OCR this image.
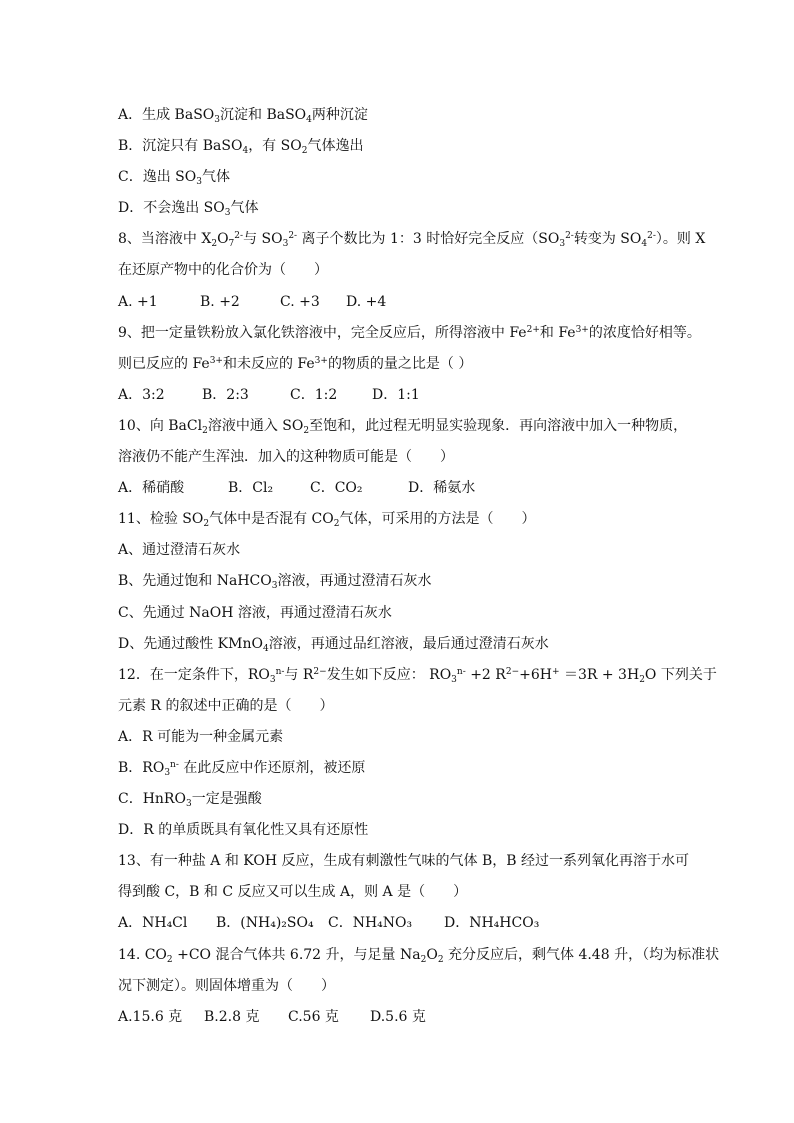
A．生成 BaSO$_3$沉淀和 BaSO$_4$两种沉淀
B．沉淀只有 BaSO$_4$，有 $SO_2$气体逸出
C．逸出 $SO_3$气体
D．不会逸出 $SO_3$气体
8、当溶液中 $X_2O_7^{2-}$与 $SO_3^{2-}$ 离子个数比为 1：3 时恰好完全反应（$SO_3^{2-}$转变为 $SO_4^{2-}$）。则 X
在还原产物中的化合价为（　　）
A. +1	B. +2	C. +3	D. +4
9、把一定量铁粉放入氯化铁溶液中，完全反应后，所得溶液中 $Fe^{2+}$和 $Fe^{3+}$的浓度恰好相等。
则已反应的 $Fe^{3+}$和未反应的 $Fe^{3+}$的物质的量之比是（ ）
A．3:2	B．2:3	C．1:2	D．1:1
10、向 BaCl$_2$溶液中通入 $SO_2$至饱和，此过程无明显实验现象．再向溶液中加入一种物质，
溶液仍不能产生浑浊．加入的这种物质可能是（　　）
A．稀硝酸	B．Cl₂	C．CO₂	D．稀氨水
11、检验 $SO_2$气体中是否混有 $CO_2$气体，可采用的方法是（　　）
A、通过澄清石灰水
B、先通过饱和 NaHCO$_3$溶液，再通过澄清石灰水
C、先通过 NaOH 溶液，再通过澄清石灰水
D、先通过酸性 KMnO$_4$溶液，再通过品红溶液，最后通过澄清石灰水
12．在一定条件下，$RO_3^{n-}$与 $R^{2-}$发生如下反应： $RO_3^{n-} +2$ $R^{2-}+6H^+ =3R + 3H_2O$ 下列关于
元素 R 的叙述中正确的是（　　）
A．R 可能为一种金属元素
B．$RO_3^{n-}$ 在此反应中作还原剂，被还原
C．HnRO$_3$一定是强酸
D．R 的单质既具有氧化性又具有还原性
13、有一种盐 A 和 KOH 反应，生成有刺激性气味的气体 B，B 经过一系列氧化再溶于水可
得到酸 C，B 和 C 反应又可以生成 A，则 A 是（　　）
A．NH₄Cl	B．(NH₄)₂SO₄	C．NH₄NO₃	D．NH₄HCO₃
14. $CO_2 +CO$ 混合气体共 6.72 升，与足量 $Na_2O_2$ 充分反应后，剩气体 4.48 升，（均为标准状
况下测定）。则固体增重为（　　）
A.15.6 克	B.2.8 克	C.56 克	D.5.6 克
